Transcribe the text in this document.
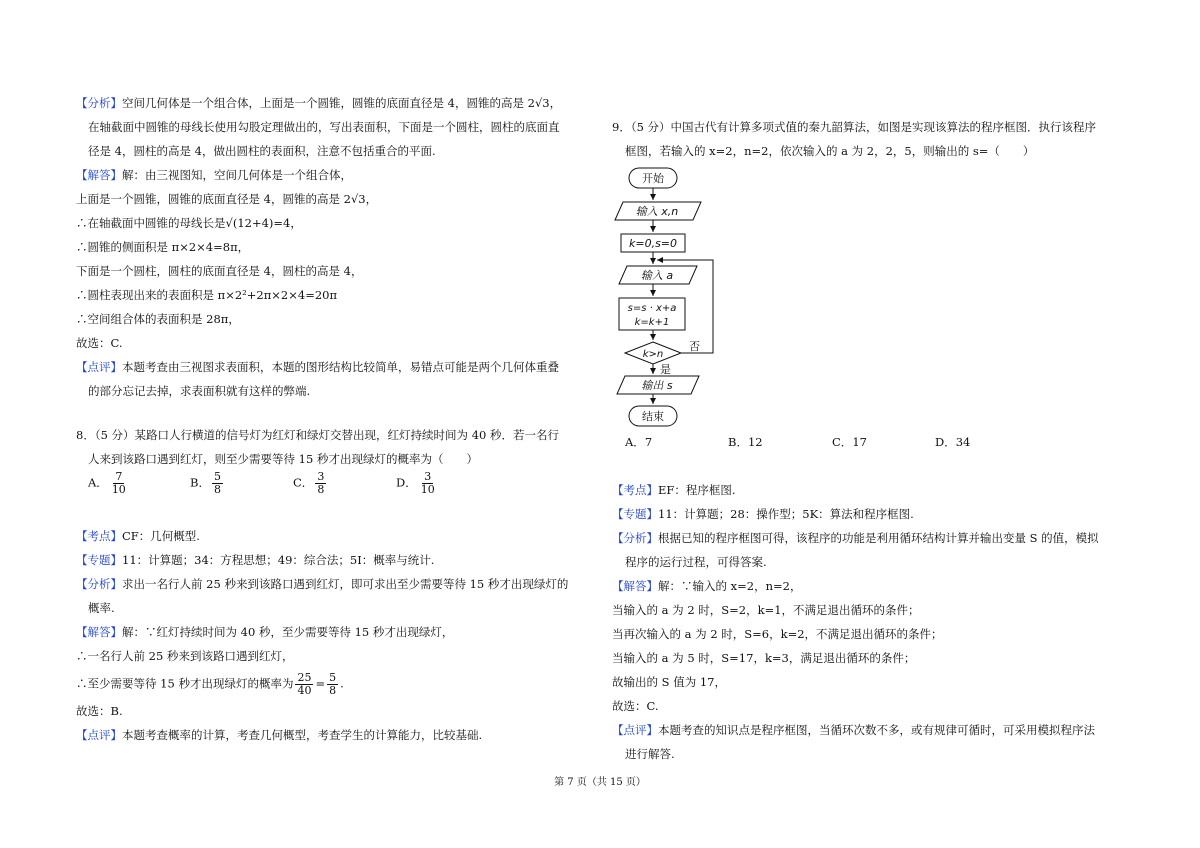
【分析】空间几何体是一个组合体，上面是一个圆锥，圆锥的底面直径是 4，圆锥的高是 2√3，
在轴截面中圆锥的母线长使用勾股定理做出的，写出表面积，下面是一个圆柱，圆柱的底面直
径是 4，圆柱的高是 4，做出圆柱的表面积，注意不包括重合的平面.
【解答】解：由三视图知，空间几何体是一个组合体，
上面是一个圆锥，圆锥的底面直径是 4，圆锥的高是 2√3，
∴在轴截面中圆锥的母线长是√(12+4)=4，
∴圆锥的侧面积是 π×2×4=8π，
下面是一个圆柱，圆柱的底面直径是 4，圆柱的高是 4，
∴圆柱表现出来的表面积是 π×2²+2π×2×4=20π
∴空间组合体的表面积是 28π，
故选：C.
【点评】本题考查由三视图求表面积，本题的图形结构比较简单，易错点可能是两个几何体重叠
的部分忘记去掉，求表面积就有这样的弊端.
8．（5 分）某路口人行横道的信号灯为红灯和绿灯交替出现，红灯持续时间为 40 秒．若一名行
人来到该路口遇到红灯，则至少需要等待 15 秒才出现绿灯的概率为（　　）
A． $\frac{7}{10}$	B． $\frac{5}{8}$	C． $\frac{3}{8}$	D． $\frac{3}{10}$
【考点】CF：几何概型.
【专题】11：计算题；34：方程思想；49：综合法；5I：概率与统计.
【分析】求出一名行人前 25 秒来到该路口遇到红灯，即可求出至少需要等待 15 秒才出现绿灯的
概率.
【解答】解：∵红灯持续时间为 40 秒，至少需要等待 15 秒才出现绿灯，
∴一名行人前 25 秒来到该路口遇到红灯，
∴至少需要等待 15 秒才出现绿灯的概率为 $\frac{25}{40} = \frac{5}{8}$ .
故选：B.
【点评】本题考查概率的计算，考查几何概型，考查学生的计算能力，比较基础.
9．（5 分）中国古代有计算多项式值的秦九韶算法，如图是实现该算法的程序框图．执行该程序
框图，若输入的 x=2，n=2，依次输入的 a 为 2，2，5，则输出的 s=（　　）
开始
输入 x,n
k=0,s=0
输入 a
s=s · x+a
k=k+1
k>n
否
是
输出 s
结束
A．7	B．12	C．17	D．34
【考点】EF：程序框图.
【专题】11：计算题；28：操作型；5K：算法和程序框图.
【分析】根据已知的程序框图可得，该程序的功能是利用循环结构计算并输出变量 S 的值，模拟
程序的运行过程，可得答案.
【解答】解：∵输入的 x=2，n=2，
当输入的 a 为 2 时，S=2，k=1，不满足退出循环的条件；
当再次输入的 a 为 2 时，S=6，k=2，不满足退出循环的条件；
当输入的 a 为 5 时，S=17，k=3，满足退出循环的条件；
故输出的 S 值为 17，
故选：C.
【点评】本题考查的知识点是程序框图，当循环次数不多，或有规律可循时，可采用模拟程序法
进行解答.
第 7 页（共 15 页）
